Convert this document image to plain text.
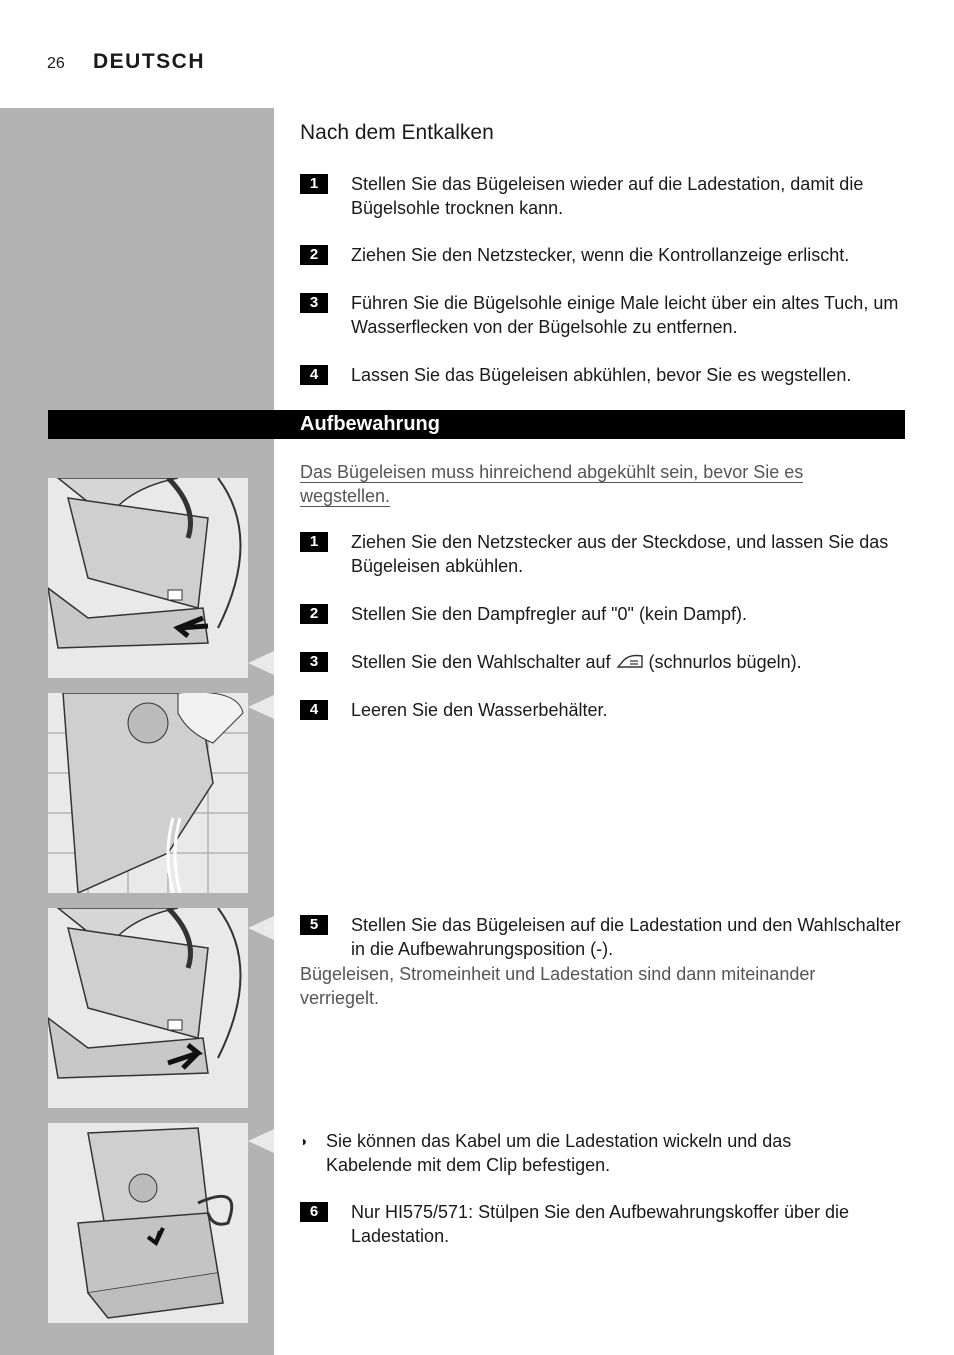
26 DEUTSCH
Nach dem Entkalken
1	Stellen Sie das Bügeleisen wieder auf die Ladestation, damit die Bügelsohle trocknen kann.
2	Ziehen Sie den Netzstecker, wenn die Kontrollanzeige erlischt.
3	Führen Sie die Bügelsohle einige Male leicht über ein altes Tuch, um Wasserflecken von der Bügelsohle zu entfernen.
4	Lassen Sie das Bügeleisen abkühlen, bevor Sie es wegstellen.
Aufbewahrung
Das Bügeleisen muss hinreichend abgekühlt sein, bevor Sie es wegstellen.
1	Ziehen Sie den Netzstecker aus der Steckdose, und lassen Sie das Bügeleisen abkühlen.
2	Stellen Sie den Dampfregler auf "0" (kein Dampf).
3	Stellen Sie den Wahlschalter auf (schnurlos bügeln).
4	Leeren Sie den Wasserbehälter.
5	Stellen Sie das Bügeleisen auf die Ladestation und den Wahlschalter in die Aufbewahrungsposition (-).
Bügeleisen, Stromeinheit und Ladestation sind dann miteinander verriegelt.
◗ Sie können das Kabel um die Ladestation wickeln und das Kabelende mit dem Clip befestigen.
6	Nur HI575/571: Stülpen Sie den Aufbewahrungskoffer über die Ladestation.
